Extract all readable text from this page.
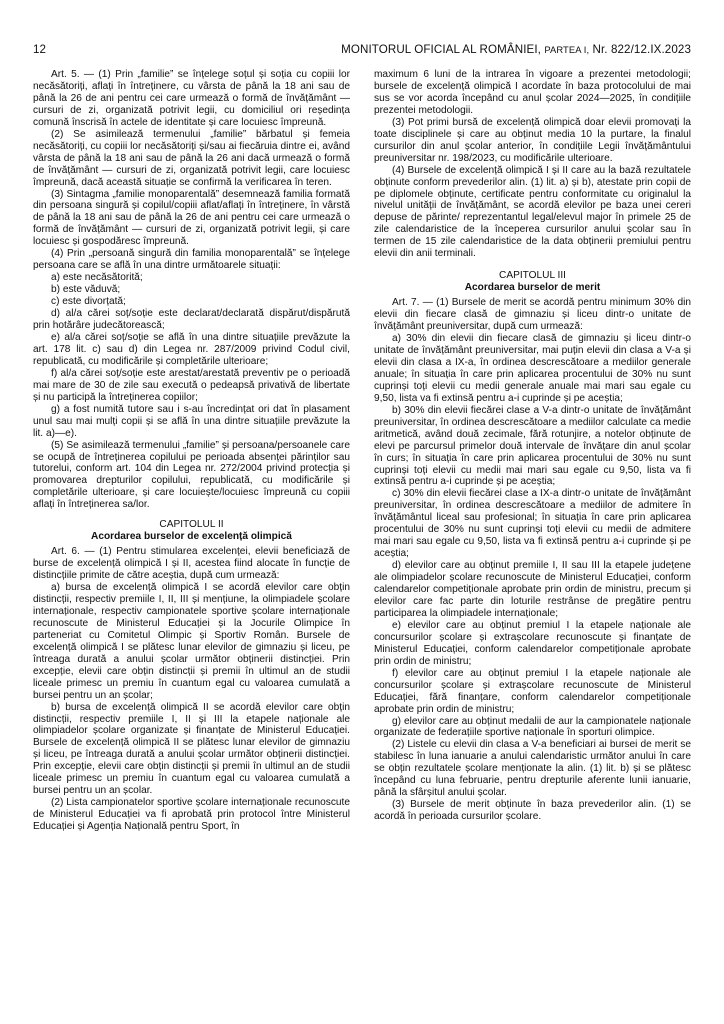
12	MONITORUL OFICIAL AL ROMÂNIEI, PARTEA I, Nr. 822/12.IX.2023

Art. 5. — (1) Prin „familie” se înțelege soțul și soția cu copiii lor necăsătoriți, aflați în întreținere, cu vârsta de până la 18 ani sau de până la 26 de ani pentru cei care urmează o formă de învățământ — cursuri de zi, organizată potrivit legii, cu domiciliul ori reședința comună înscrisă în actele de identitate și care locuiesc împreună.

(2) Se asimilează termenului „familie” bărbatul și femeia necăsătoriți, cu copiii lor necăsătoriți și/sau ai fiecăruia dintre ei, având vârsta de până la 18 ani sau de până la 26 ani dacă urmează o formă de învățământ — cursuri de zi, organizată potrivit legii, care locuiesc împreună, dacă această situație se confirmă la verificarea în teren.

(3) Sintagma „familie monoparentală” desemnează familia formată din persoana singură și copilul/copiii aflat/aflați în întreținere, în vârstă de până la 18 ani sau de până la 26 de ani pentru cei care urmează o formă de învățământ — cursuri de zi, organizată potrivit legii, și care locuiesc și gospodăresc împreună.

(4) Prin „persoană singură din familia monoparentală” se înțelege persoana care se află în una dintre următoarele situații:

a) este necăsătorită;

b) este văduvă;

c) este divorțată;

d) al/a cărei soț/soție este declarat/declarată dispărut/dispărută prin hotărâre judecătorească;

e) al/a cărei soț/soție se află în una dintre situațiile prevăzute la art. 178 lit. c) sau d) din Legea nr. 287/2009 privind Codul civil, republicată, cu modificările și completările ulterioare;

f) al/a cărei soț/soție este arestat/arestată preventiv pe o perioadă mai mare de 30 de zile sau execută o pedeapsă privativă de libertate și nu participă la întreținerea copiilor;

g) a fost numită tutore sau i s-au încredințat ori dat în plasament unul sau mai mulți copii și se află în una dintre situațiile prevăzute la lit. a)—e).

(5) Se asimilează termenului „familie” și persoana/persoanele care se ocupă de întreținerea copilului pe perioada absenței părinților sau tutorelui, conform art. 104 din Legea nr. 272/2004 privind protecția și promovarea drepturilor copilului, republicată, cu modificările și completările ulterioare, și care locuiește/locuiesc împreună cu copiii aflați în întreținerea sa/lor.

CAPITOLUL II
Acordarea burselor de excelență olimpică

Art. 6. — (1) Pentru stimularea excelenței, elevii beneficiază de burse de excelență olimpică I și II, acestea fiind alocate în funcție de distincțiile primite de către aceștia, după cum urmează:

a) bursa de excelență olimpică I se acordă elevilor care obțin distincții, respectiv premiile I, II, III și mențiune, la olimpiadele școlare internaționale, respectiv campionatele sportive școlare internaționale recunoscute de Ministerul Educației și la Jocurile Olimpice în parteneriat cu Comitetul Olimpic și Sportiv Român. Bursele de excelență olimpică I se plătesc lunar elevilor de gimnaziu și liceu, pe întreaga durată a anului școlar următor obținerii distincției. Prin excepție, elevii care obțin distincții și premii în ultimul an de studii liceale primesc un premiu în cuantum egal cu valoarea cumulată a bursei pentru un an școlar;

b) bursa de excelență olimpică II se acordă elevilor care obțin distincții, respectiv premiile I, II și III la etapele naționale ale olimpiadelor școlare organizate și finanțate de Ministerul Educației. Bursele de excelență olimpică II se plătesc lunar elevilor de gimnaziu și liceu, pe întreaga durată a anului școlar următor obținerii distincției. Prin excepție, elevii care obțin distincții și premii în ultimul an de studii liceale primesc un premiu în cuantum egal cu valoarea cumulată a bursei pentru un an școlar.

(2) Lista campionatelor sportive școlare internaționale recunoscute de Ministerul Educației va fi aprobată prin protocol între Ministerul Educației și Agenția Națională pentru Sport, în

maximum 6 luni de la intrarea în vigoare a prezentei metodologii; bursele de excelență olimpică I acordate în baza protocolului de mai sus se vor acorda începând cu anul școlar 2024—2025, în condițiile prezentei metodologii.

(3) Pot primi bursă de excelență olimpică doar elevii promovați la toate disciplinele și care au obținut media 10 la purtare, la finalul cursurilor din anul școlar anterior, în condițiile Legii învățământului preuniversitar nr. 198/2023, cu modificările ulterioare.

(4) Bursele de excelență olimpică I și II care au la bază rezultatele obținute conform prevederilor alin. (1) lit. a) și b), atestate prin copii de pe diplomele obținute, certificate pentru conformitate cu originalul la nivelul unității de învățământ, se acordă elevilor pe baza unei cereri depuse de părinte/ reprezentantul legal/elevul major în primele 25 de zile calendaristice de la începerea cursurilor anului școlar sau în termen de 15 zile calendaristice de la data obținerii premiului pentru elevii din anii terminali.

CAPITOLUL III
Acordarea burselor de merit

Art. 7. — (1) Bursele de merit se acordă pentru minimum 30% din elevii din fiecare clasă de gimnaziu și liceu dintr-o unitate de învățământ preuniversitar, după cum urmează:

a) 30% din elevii din fiecare clasă de gimnaziu și liceu dintr-o unitate de învățământ preuniversitar, mai puțin elevii din clasa a V-a și elevii din clasa a IX-a, în ordinea descrescătoare a mediilor generale anuale; în situația în care prin aplicarea procentului de 30% nu sunt cuprinși toți elevii cu medii generale anuale mai mari sau egale cu 9,50, lista va fi extinsă pentru a-i cuprinde și pe aceștia;

b) 30% din elevii fiecărei clase a V-a dintr-o unitate de învățământ preuniversitar, în ordinea descrescătoare a mediilor calculate ca medie aritmetică, având două zecimale, fără rotunjire, a notelor obținute de elevi pe parcursul primelor două intervale de învățare din anul școlar în curs; în situația în care prin aplicarea procentului de 30% nu sunt cuprinși toți elevii cu medii mai mari sau egale cu 9,50, lista va fi extinsă pentru a-i cuprinde și pe aceștia;

c) 30% din elevii fiecărei clase a IX-a dintr-o unitate de învățământ preuniversitar, în ordinea descrescătoare a mediilor de admitere în învățământul liceal sau profesional; în situația în care prin aplicarea procentului de 30% nu sunt cuprinși toți elevii cu medii de admitere mai mari sau egale cu 9,50, lista va fi extinsă pentru a-i cuprinde și pe aceștia;

d) elevilor care au obținut premiile I, II sau III la etapele județene ale olimpiadelor școlare recunoscute de Ministerul Educației, conform calendarelor competiționale aprobate prin ordin de ministru, precum și elevilor care fac parte din loturile restrânse de pregătire pentru participarea la olimpiadele internaționale;

e) elevilor care au obținut premiul I la etapele naționale ale concursurilor școlare și extrașcolare recunoscute și finanțate de Ministerul Educației, conform calendarelor competiționale aprobate prin ordin de ministru;

f) elevilor care au obținut premiul I la etapele naționale ale concursurilor școlare și extrașcolare recunoscute de Ministerul Educației, fără finanțare, conform calendarelor competiționale aprobate prin ordin de ministru;

g) elevilor care au obținut medalii de aur la campionatele naționale organizate de federațiile sportive naționale în sporturi olimpice.

(2) Listele cu elevii din clasa a V-a beneficiari ai bursei de merit se stabilesc în luna ianuarie a anului calendaristic următor anului în care se obțin rezultatele școlare menționate la alin. (1) lit. b) și se plătesc începând cu luna februarie, pentru drepturile aferente lunii ianuarie, până la sfârșitul anului școlar.

(3) Bursele de merit obținute în baza prevederilor alin. (1) se acordă în perioada cursurilor școlare.
